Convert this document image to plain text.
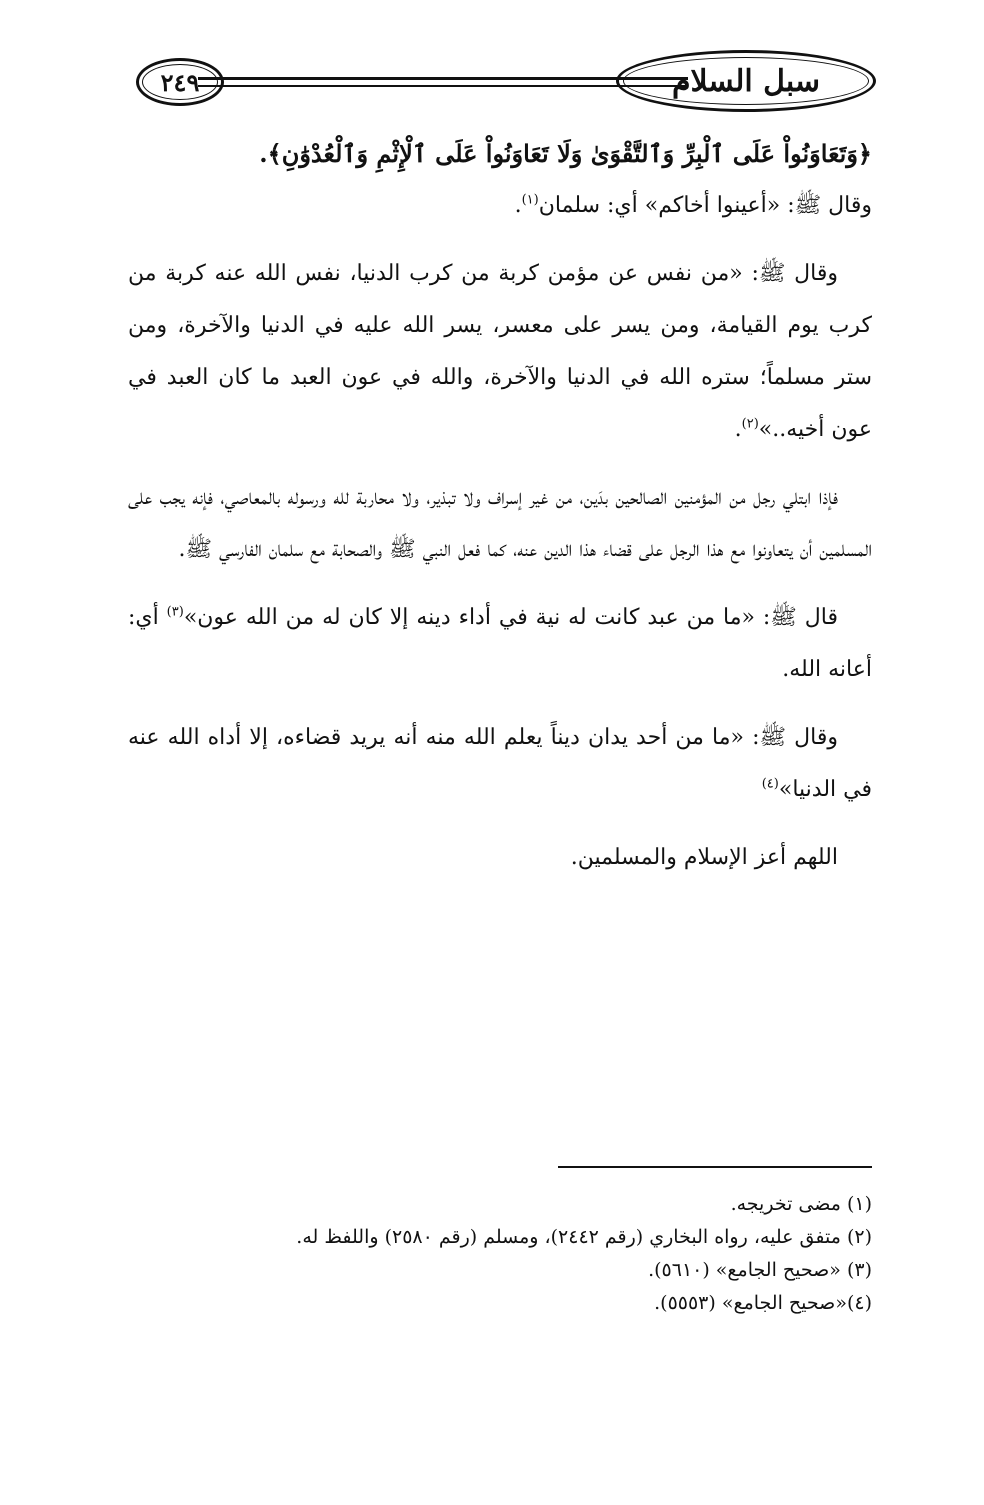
٢٤٩	سبل السلام

﴿وَتَعَاوَنُواْ عَلَى ٱلْبِرِّ وَٱلتَّقْوَىٰ وَلَا تَعَاوَنُواْ عَلَى ٱلْإِثْمِ وَٱلْعُدْوَٰنِ﴾.

وقال ﷺ: «أعينوا أخاكم» أي: سلمان$^{(١)}$.

وقال ﷺ: «من نفس عن مؤمن كربة من كرب الدنيا، نفس الله عنه كربة من كرب يوم القيامة، ومن يسر على معسر، يسر الله عليه في الدنيا والآخرة، ومن ستر مسلماً؛ ستره الله في الدنيا والآخرة، والله في عون العبد ما كان العبد في عون أخيه..»$^{(٢)}$.

فإذا ابتلي رجل من المؤمنين الصالحين بدَين، من غير إسراف ولا تبذير، ولا محاربة لله ورسوله بالمعاصي، فإنه يجب على المسلمين أن يتعاونوا مع هذا الرجل على قضاء هذا الدين عنه، كما فعل النبي ﷺ والصحابة مع سلمان الفارسي ﷺ.

قال ﷺ: «ما من عبد كانت له نية في أداء دينه إلا كان له من الله عون»$^{(٣)}$ أي: أعانه الله.

وقال ﷺ: «ما من أحد يدان ديناً يعلم الله منه أنه يريد قضاءه، إلا أداه الله عنه في الدنيا»$^{(٤)}$

اللهم أعز الإسلام والمسلمين.

(١) مضى تخريجه.

(٢) متفق عليه، رواه البخاري (رقم ٢٤٤٢)، ومسلم (رقم ٢٥٨٠) واللفظ له.

(٣) «صحيح الجامع» (٥٦١٠).

(٤)«صحيح الجامع» (٥٥٥٣).
